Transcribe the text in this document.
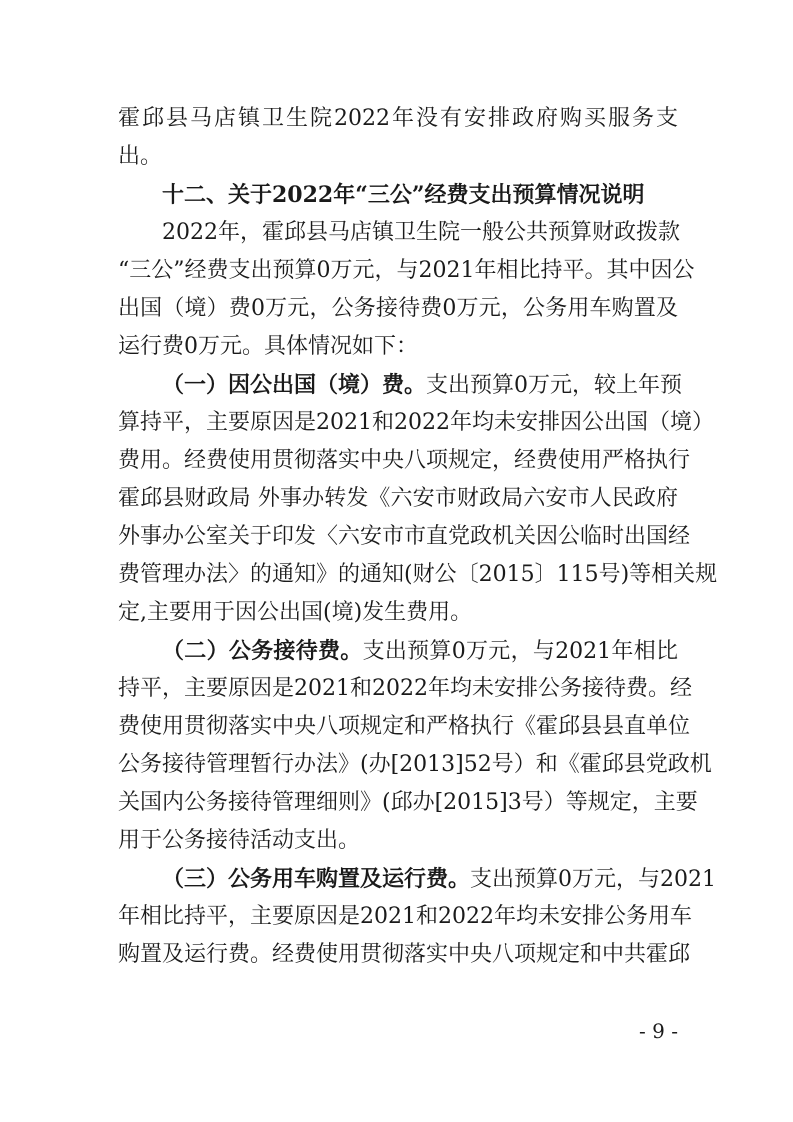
霍邱县马店镇卫生院2022年没有安排政府购买服务支
出。
十二、关于2022年“三公”经费支出预算情况说明
2022年，霍邱县马店镇卫生院一般公共预算财政拨款
“三公”经费支出预算0万元，与2021年相比持平。其中因公
出国（境）费0万元，公务接待费0万元，公务用车购置及
运行费0万元。具体情况如下：
（一）因公出国（境）费。支出预算0万元，较上年预
算持平，主要原因是2021和2022年均未安排因公出国（境）
费用。经费使用贯彻落实中央八项规定，经费使用严格执行
霍邱县财政局 外事办转发《六安市财政局六安市人民政府
外事办公室关于印发〈六安市市直党政机关因公临时出国经
费管理办法〉的通知》的通知(财公〔2015〕115号)等相关规
定,主要用于因公出国(境)发生费用。
（二）公务接待费。支出预算0万元，与2021年相比
持平，主要原因是2021和2022年均未安排公务接待费。经
费使用贯彻落实中央八项规定和严格执行《霍邱县县直单位
公务接待管理暂行办法》(办[2013]52号）和《霍邱县党政机
关国内公务接待管理细则》(邱办[2015]3号）等规定，主要
用于公务接待活动支出。
（三）公务用车购置及运行费。支出预算0万元，与2021
年相比持平，主要原因是2021和2022年均未安排公务用车
购置及运行费。经费使用贯彻落实中央八项规定和中共霍邱
- 9 -
